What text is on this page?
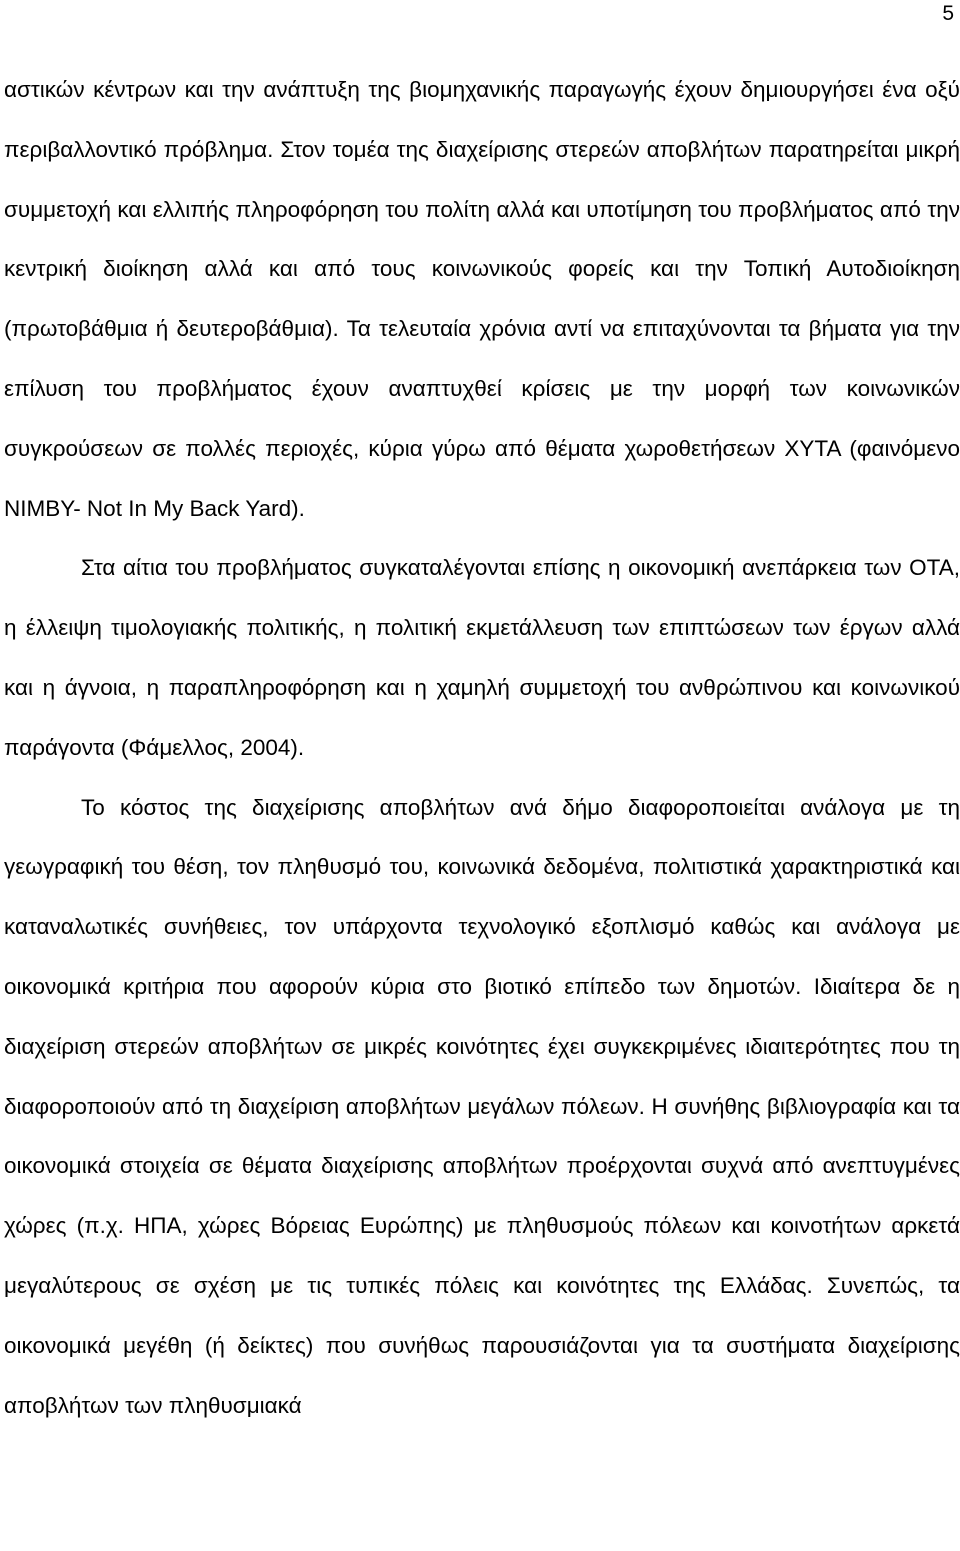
5

αστικών κέντρων και την ανάπτυξη της βιομηχανικής παραγωγής έχουν δημιουργήσει ένα οξύ περιβαλλοντικό πρόβλημα. Στον τομέα της διαχείρισης στερεών αποβλήτων παρατηρείται μικρή συμμετοχή και ελλιπής πληροφόρηση του πολίτη αλλά και υποτίμηση του προβλήματος από την κεντρική διοίκηση αλλά και από τους κοινωνικούς φορείς και την Τοπική Αυτοδιοίκηση (πρωτοβάθμια ή δευτεροβάθμια). Τα τελευταία χρόνια αντί να επιταχύνονται τα βήματα για την επίλυση του προβλήματος έχουν αναπτυχθεί κρίσεις με την μορφή των κοινωνικών συγκρούσεων σε πολλές περιοχές, κύρια γύρω από θέματα χωροθετήσεων ΧΥΤΑ (φαινόμενο NIMBY- Not In My Back Yard).

Στα αίτια του προβλήματος συγκαταλέγονται επίσης η οικονομική ανεπάρκεια των ΟΤΑ, η έλλειψη τιμολογιακής πολιτικής, η πολιτική εκμετάλλευση των επιπτώσεων των έργων αλλά και η άγνοια, η παραπληροφόρηση και η χαμηλή συμμετοχή του ανθρώπινου και κοινωνικού παράγοντα (Φάμελλος, 2004).

Το κόστος της διαχείρισης αποβλήτων ανά δήμο διαφοροποιείται ανάλογα με τη γεωγραφική του θέση, τον πληθυσμό του, κοινωνικά δεδομένα, πολιτιστικά χαρακτηριστικά και καταναλωτικές συνήθειες, τον υπάρχοντα τεχνολογικό εξοπλισμό καθώς και ανάλογα με οικονομικά κριτήρια που αφορούν κύρια στο βιοτικό επίπεδο των δημοτών. Ιδιαίτερα δε η διαχείριση στερεών αποβλήτων σε μικρές κοινότητες έχει συγκεκριμένες ιδιαιτερότητες που τη διαφοροποιούν από τη διαχείριση αποβλήτων μεγάλων πόλεων. Η συνήθης βιβλιογραφία και τα οικονομικά στοιχεία σε θέματα διαχείρισης αποβλήτων προέρχονται συχνά από ανεπτυγμένες χώρες (π.χ. ΗΠΑ, χώρες Βόρειας Ευρώπης) με πληθυσμούς πόλεων και κοινοτήτων αρκετά μεγαλύτερους σε σχέση με τις τυπικές πόλεις και κοινότητες της Ελλάδας. Συνεπώς, τα οικονομικά μεγέθη (ή δείκτες) που συνήθως παρουσιάζονται για τα συστήματα διαχείρισης αποβλήτων των πληθυσμιακά
